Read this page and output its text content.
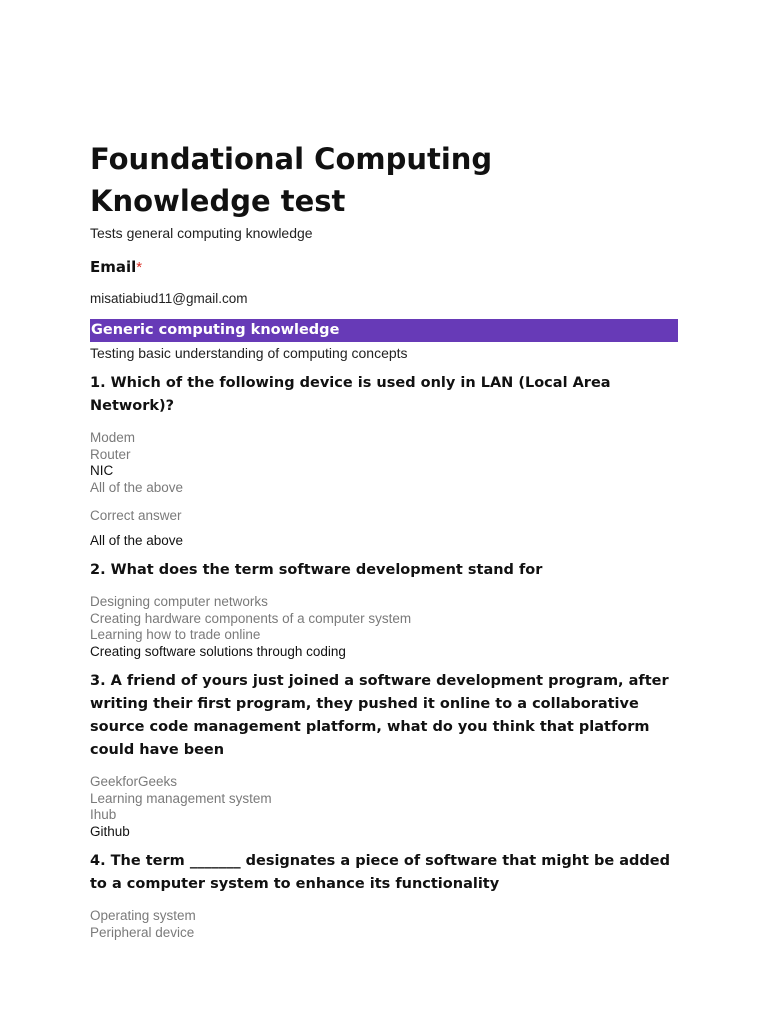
Foundational Computing
Knowledge test
Tests general computing knowledge
Email*
misatiabiud11@gmail.com
Generic computing knowledge
Testing basic understanding of computing concepts
1. Which of the following device is used only in LAN (Local Area
Network)?
Modem
Router
NIC
All of the above
Correct answer
All of the above
2. What does the term software development stand for
Designing computer networks
Creating hardware components of a computer system
Learning how to trade online
Creating software solutions through coding
3. A friend of yours just joined a software development program, after
writing their first program, they pushed it online to a collaborative
source code management platform, what do you think that platform
could have been
GeekforGeeks
Learning management system
Ihub
Github
4. The term _______ designates a piece of software that might be added
to a computer system to enhance its functionality
Operating system
Peripheral device
